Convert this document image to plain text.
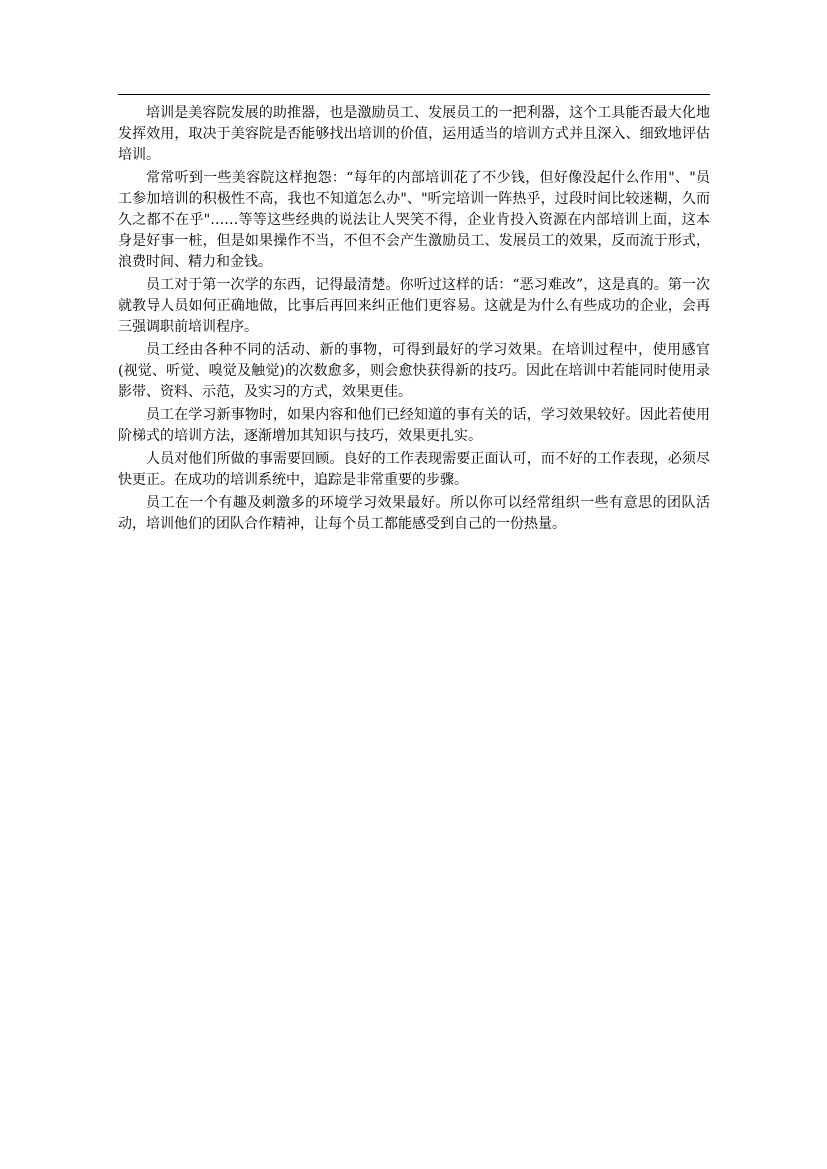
培训是美容院发展的助推器，也是激励员工、发展员工的一把利器，这个工具能否最大化地发挥效用，取决于美容院是否能够找出培训的价值，运用适当的培训方式并且深入、细致地评估培训。

常常听到一些美容院这样抱怨：“每年的内部培训花了不少钱，但好像没起什么作用"、"员工参加培训的积极性不高，我也不知道怎么办"、"听完培训一阵热乎，过段时间比较迷糊，久而久之都不在乎"……等等这些经典的说法让人哭笑不得，企业肯投入资源在内部培训上面，这本身是好事一桩，但是如果操作不当，不但不会产生激励员工、发展员工的效果，反而流于形式，浪费时间、精力和金钱。

员工对于第一次学的东西，记得最清楚。你听过这样的话：“恶习难改”，这是真的。第一次就教导人员如何正确地做，比事后再回来纠正他们更容易。这就是为什么有些成功的企业，会再三强调职前培训程序。

员工经由各种不同的活动、新的事物，可得到最好的学习效果。在培训过程中，使用感官(视觉、听觉、嗅觉及触觉)的次数愈多，则会愈快获得新的技巧。因此在培训中若能同时使用录影带、资料、示范，及实习的方式，效果更佳。

员工在学习新事物时，如果内容和他们已经知道的事有关的话，学习效果较好。因此若使用阶梯式的培训方法，逐渐增加其知识与技巧，效果更扎实。

人员对他们所做的事需要回顾。良好的工作表现需要正面认可，而不好的工作表现，必须尽快更正。在成功的培训系统中，追踪是非常重要的步骤。

员工在一个有趣及刺激多的环境学习效果最好。所以你可以经常组织一些有意思的团队活动，培训他们的团队合作精神，让每个员工都能感受到自己的一份热量。
